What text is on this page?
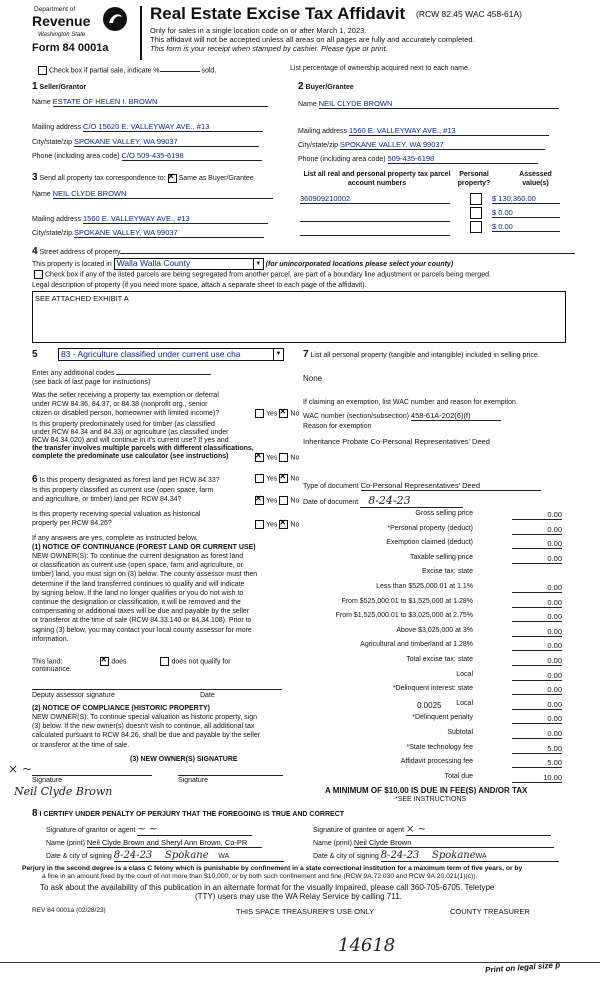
Department of
Revenue
Washington State
Form 84 0001a
Real Estate Excise Tax Affidavit (RCW 82.45 WAC 458-61A)
Only for sales in a single location code on or after March 1, 2023.
This affidavit will not be accepted unless all areas on all pages are fully and accurately completed.
This form is your receipt when stamped by cashier. Please type or print.
Check box if partial sale, indicate %	sold.	List percentage of ownership acquired next to each name.
1 Seller/Grantor
Name ESTATE OF HELEN I. BROWN
Mailing address C/O 15620 E. VALLEYWAY AVE., #13
City/state/zip SPOKANE VALLEY, WA 99037
Phone (including area code) C/O 509-435-6198
2 Buyer/Grantee
Name NEIL CLYDE BROWN
Mailing address 1560 E. VALLEYWAY AVE., #13
City/state/zip SPOKANE VALLEY, WA 99037
Phone (including area code) 509-435-6198
3 Send all property tax correspondence to: ✕ Same as Buyer/Grantee
Name NEIL CLYDE BROWN
Mailing address 1560 E. VALLEYWAY AVE., #13
City/state/zip SPOKANE VALLEY, WA 99037
List all real and personal property tax parcel account numbers
Personal property?
Assessed value(s)
360909210002	$ 130,360.00
$ 0.00
$ 0.00
4 Street address of property
This property is located in Walla Walla County	▼ (for unincorporated locations please select your county)
Check box if any of the listed parcels are being segregated from another parcel, are part of a boundary line adjustment or parcels being merged.
Legal description of property (if you need more space, attach a separate sheet to each page of the affidavit).
SEE ATTACHED EXHIBIT A
5	83 - Agriculture classified under current use cha	▼
Enter any additional codes
(see back of last page for instructions)
Was the seller receiving a property tax exemption or deferral
under RCW 84.36, 84.37, or 84.38 (nonprofit org., senior
citizen or disabled person, homeowner with limited income)?	Yes ✕ No
Is this property predominately used for timber (as classified
under RCW 84.34 and 84.33) or agriculture (as classified under
RCW 84.34.020) and will continue in it's current use? If yes and
the transfer involves multiple parcels with different classifications,
complete the predominate use calculator (see instructions) ✕	Yes No
6 Is this property designated as forest land per RCW 84.33?	Yes ✕ No
Is this property classified as current use (open space, farm
and agriculture, or timber) land per RCW 84.34? ✕	Yes No
Is this property receiving special valuation as historical
property per RCW 84.26?	Yes ✕ No
If any answers are yes, complete as instructed below.
(1) NOTICE OF CONTINUANCE (FOREST LAND OR CURRENT USE)
NEW OWNER(S): To continue the current designation as forest land
or classification as current use (open space, farm and agriculture, or
timber) land, you must sign on (3) below. The county assessor must then
determine if the land transferred continues to qualify and will indicate
by signing below. If the land no longer qualifies or you do not wish to
continue the designation or classification, it will be removed and the
compensating or additional taxes will be due and payable by the seller
or transferor at the time of sale (RCW 84.33.140 or 84.34.108). Prior to
signing (3) below, you may contact your local county assessor for more
information.
This land: ✕	does	does not qualify for
continuance.
Deputy assessor signature	Date
(2) NOTICE OF COMPLIANCE (HISTORIC PROPERTY)
NEW OWNER(S): To continue special valuation as historic property, sign
(3) below. If the new owner(s) doesn't wish to continue, all additional tax
calculated pursuant to RCW 84.26, shall be due and payable by the seller
or transferor at the time of sale.
(3) NEW OWNER(S) SIGNATURE
× ~
Signature	Signature
Neil Clyde Brown
7 List all personal property (tangible and intangible) included in selling price.
None
If claiming an exemption, list WAC number and reason for exemption.
WAC number (section/subsection) 458-61A-202(6)(f)
Reason for exemption
Inheritance Probate Co-Personal Representatives' Deed
Type of document Co-Personal Representatives' Deed
Date of document 8-24-23
Gross selling price	0.00
*Personal property (deduct)	0.00
Exemption claimed (deduct)	0.00
Taxable selling price	0.00
Excise tax: state
Less than $525,000.01 at 1.1%	0.00
From $525,000.01 to $1,525,000 at 1.28%	0.00
From $1,525,000.01 to $3,025,000 at 2.75%	0.00
Above $3,025,000 at 3%	0.00
Agricultural and timberland at 1.28%	0.00
Total excise tax: state	0.00
Local	0.00
*Delinquent interest: state	0.00
Local	0.00
*Delinquent penalty	0.00
Subtotal	0.00
*State technology fee	5.00
Affidavit processing fee	5.00
Total due	10.00
0.0025
A MINIMUM OF $10.00 IS DUE IN FEE(S) AND/OR TAX
*SEE INSTRUCTIONS
8 I CERTIFY UNDER PENALTY OF PERJURY THAT THE FOREGOING IS TRUE AND CORRECT
Signature of grantor or agent ~ ~	Signature of grantee or agent × ~
Name (print) Neil Clyde Brown and Sheryl Ann Brown, Co-PR	Name (print) Neil Clyde Brown
Date & city of signing 8-24-23 Spokane WA	Date & city of signing 8-24-23 SpokaneWA
Perjury in the second degree is a class C felony which is punishable by confinement in a state correctional institution for a maximum term of five years, or by
a fine in an amount fixed by the court of not more than $10,000, or by both such confinement and fine (RCW 9A.72.030 and RCW 9A.20.021(1)(c)).
To ask about the availability of this publication in an alternate format for the visually impaired, please call 360-705-6705. Teletype
(TTY) users may use the WA Relay Service by calling 711.
REV 84 0001a (02/28/23)	THIS SPACE TREASURER'S USE ONLY	COUNTY TREASURER
14618
Print on legal size p
